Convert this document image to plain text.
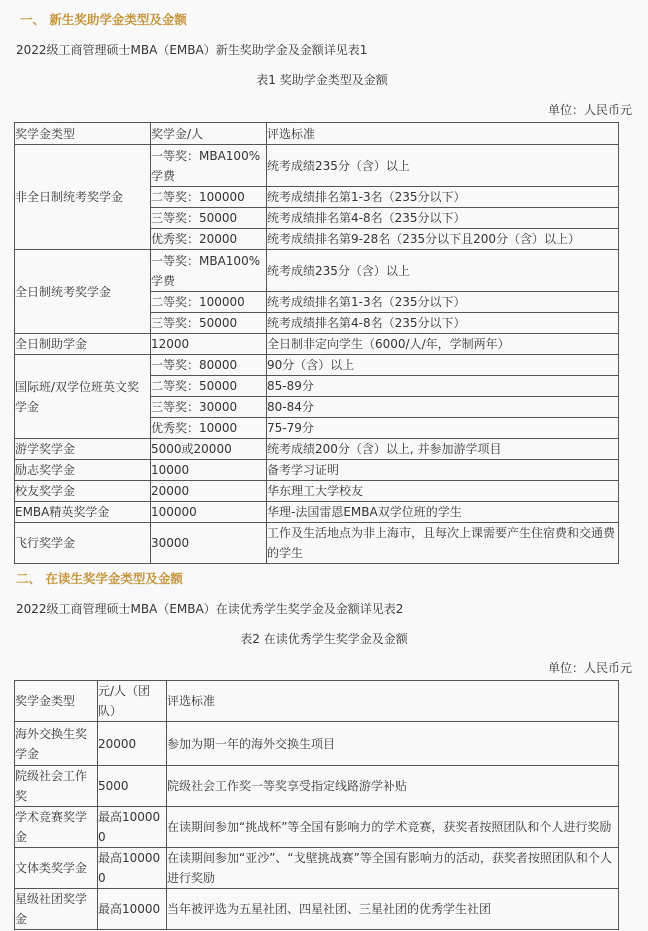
一、 新生奖助学金类型及金额
2022级工商管理硕士MBA（EMBA）新生奖助学金及金额详见表1
表1 奖助学金类型及金额
单位：人民币元
奖学金类型	奖学金/人	评选标准
非全日制统考奖学金	一等奖：MBA100%学费	统考成绩235分（含）以上
	二等奖：100000	统考成绩排名第1-3名（235分以下）
	三等奖：50000	统考成绩排名第4-8名（235分以下）
	优秀奖：20000	统考成绩排名第9-28名（235分以下且200分（含）以上）
全日制统考奖学金	一等奖：MBA100%学费	统考成绩235分（含）以上
	二等奖：100000	统考成绩排名第1-3名（235分以下）
	三等奖：50000	统考成绩排名第4-8名（235分以下）
全日制助学金	12000	全日制非定向学生（6000/人/年，学制两年）
国际班/双学位班英文奖学金	一等奖：80000	90分（含）以上
	二等奖：50000	85-89分
	三等奖：30000	80-84分
	优秀奖：10000	75-79分
游学奖学金	5000或20000	统考成绩200分（含）以上, 并参加游学项目
励志奖学金	10000	备考学习证明
校友奖学金	20000	华东理工大学校友
EMBA精英奖学金	100000	华理-法国雷恩EMBA双学位班的学生
飞行奖学金	30000	工作及生活地点为非上海市，且每次上课需要产生住宿费和交通费的学生
二、 在读生奖学金类型及金额
2022级工商管理硕士MBA（EMBA）在读优秀学生奖学金及金额详见表2
表2 在读优秀学生奖学金及金额
单位：人民币元
奖学金类型	元/人（团队）	评选标准
海外交换生奖学金	20000	参加为期一年的海外交换生项目
院级社会工作奖	5000	院级社会工作奖一等奖享受指定线路游学补贴
学术竞赛奖学金	最高100000	在读期间参加“挑战杯”等全国有影响力的学术竞赛，获奖者按照团队和个人进行奖励
文体类奖学金	最高100000	在读期间参加“亚沙”、“戈壁挑战赛”等全国有影响力的活动，获奖者按照团队和个人进行奖励
星级社团奖学金	最高10000	当年被评选为五星社团、四星社团、三星社团的优秀学生社团
